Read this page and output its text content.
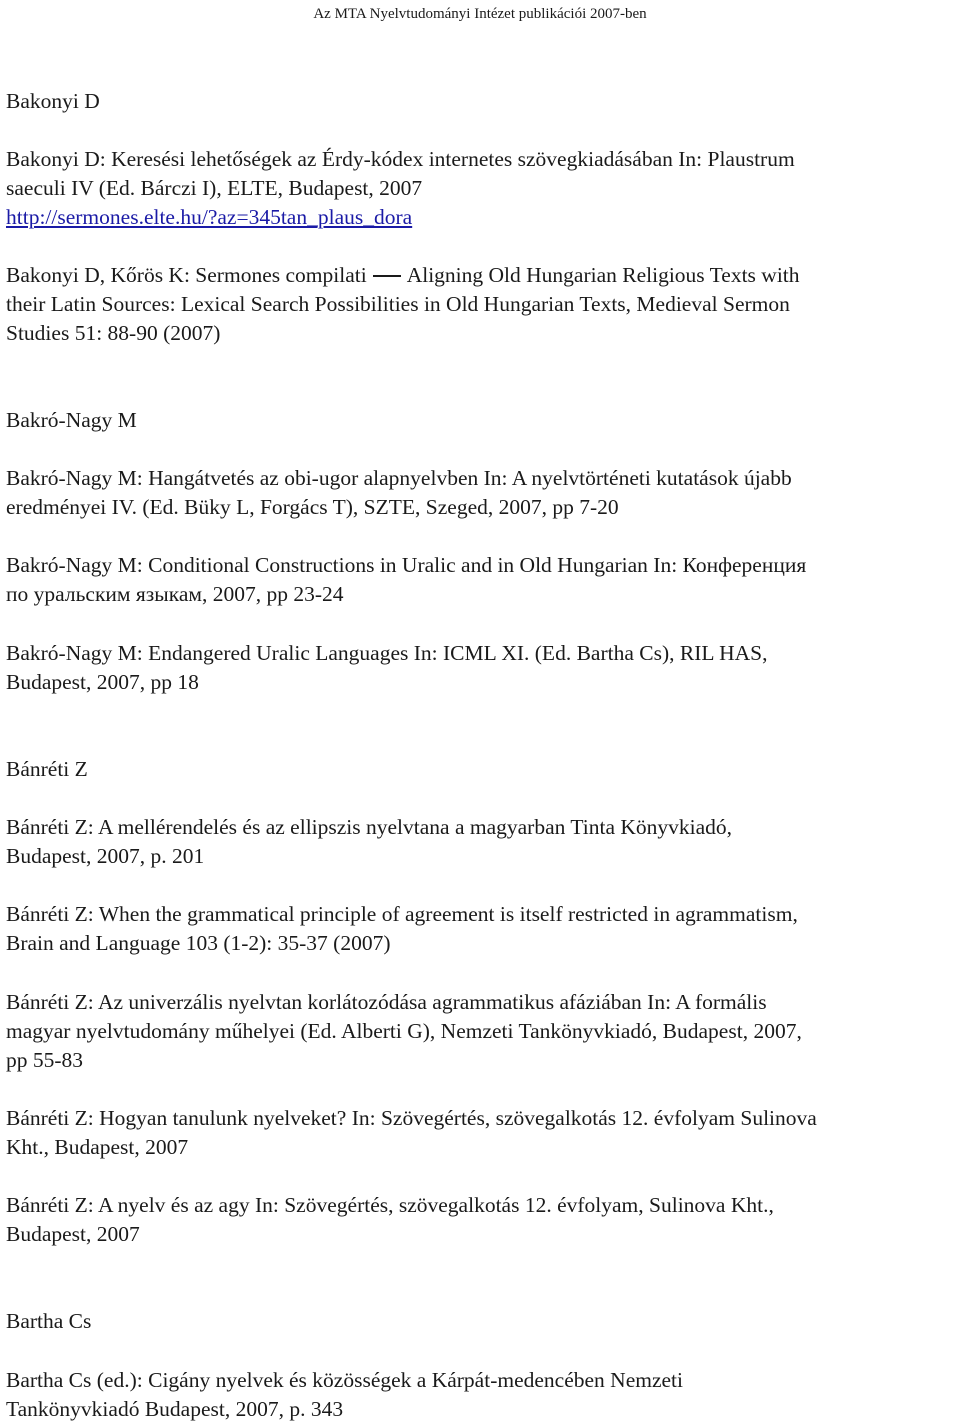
Az MTA Nyelvtudományi Intézet publikációi 2007-ben
Bakonyi D
Bakonyi D: Keresési lehetőségek az Érdy-kódex internetes szövegkiadásában In: Plaustrum
saeculi IV (Ed. Bárczi I), ELTE, Budapest, 2007
http://sermones.elte.hu/?az=345tan_plaus_dora
Bakonyi D, Kőrös K: Sermones compilati Aligning Old Hungarian Religious Texts with
their Latin Sources: Lexical Search Possibilities in Old Hungarian Texts, Medieval Sermon
Studies 51: 88-90 (2007)
Bakró-Nagy M
Bakró-Nagy M: Hangátvetés az obi-ugor alapnyelvben In: A nyelvtörténeti kutatások újabb
eredményei IV. (Ed. Büky L, Forgács T), SZTE, Szeged, 2007, pp 7-20
Bakró-Nagy M: Conditional Constructions in Uralic and in Old Hungarian In: Конференция
по уральским языкам, 2007, pp 23-24
Bakró-Nagy M: Endangered Uralic Languages In: ICML XI. (Ed. Bartha Cs), RIL HAS,
Budapest, 2007, pp 18
Bánréti Z
Bánréti Z: A mellérendelés és az ellipszis nyelvtana a magyarban Tinta Könyvkiadó,
Budapest, 2007, p. 201
Bánréti Z: When the grammatical principle of agreement is itself restricted in agrammatism,
Brain and Language 103 (1-2): 35-37 (2007)
Bánréti Z: Az univerzális nyelvtan korlátozódása agrammatikus afáziában In: A formális
magyar nyelvtudomány műhelyei (Ed. Alberti G), Nemzeti Tankönyvkiadó, Budapest, 2007,
pp 55-83
Bánréti Z: Hogyan tanulunk nyelveket? In: Szövegértés, szövegalkotás 12. évfolyam Sulinova
Kht., Budapest, 2007
Bánréti Z: A nyelv és az agy In: Szövegértés, szövegalkotás 12. évfolyam, Sulinova Kht.,
Budapest, 2007
Bartha Cs
Bartha Cs (ed.): Cigány nyelvek és közösségek a Kárpát-medencében Nemzeti
Tankönyvkiadó Budapest, 2007, p. 343
